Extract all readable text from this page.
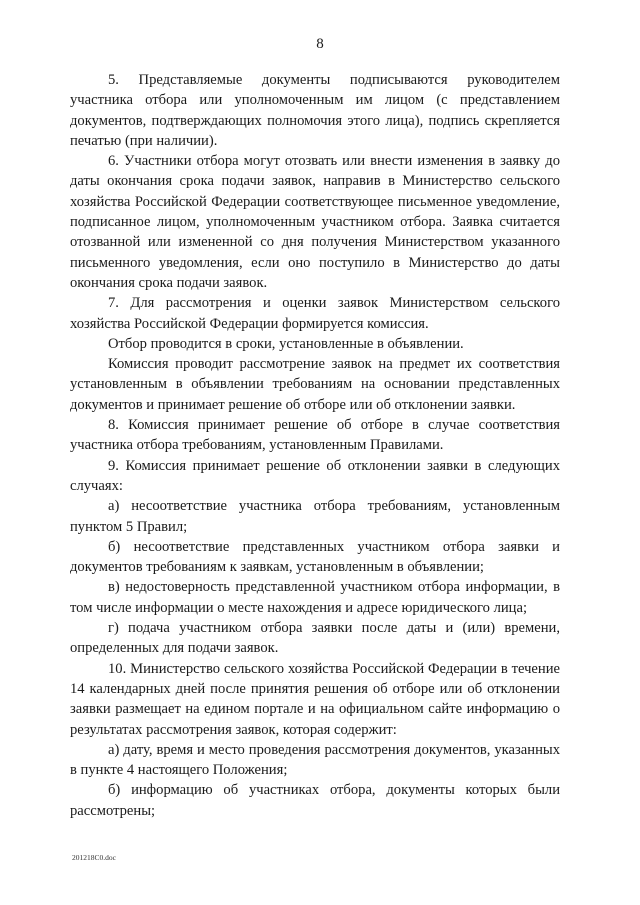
8

5. Представляемые документы подписываются руководителем участника отбора или уполномоченным им лицом (с представлением документов, подтверждающих полномочия этого лица), подпись скрепляется печатью (при наличии).

6. Участники отбора могут отозвать или внести изменения в заявку до даты окончания срока подачи заявок, направив в Министерство сельского хозяйства Российской Федерации соответствующее письменное уведомление, подписанное лицом, уполномоченным участником отбора. Заявка считается отозванной или измененной со дня получения Министерством указанного письменного уведомления, если оно поступило в Министерство до даты окончания срока подачи заявок.

7. Для рассмотрения и оценки заявок Министерством сельского хозяйства Российской Федерации формируется комиссия.

Отбор проводится в сроки, установленные в объявлении.

Комиссия проводит рассмотрение заявок на предмет их соответствия установленным в объявлении требованиям на основании представленных документов и принимает решение об отборе или об отклонении заявки.

8. Комиссия принимает решение об отборе в случае соответствия участника отбора требованиям, установленным Правилами.

9. Комиссия принимает решение об отклонении заявки в следующих случаях:

а) несоответствие участника отбора требованиям, установленным пунктом 5 Правил;

б) несоответствие представленных участником отбора заявки и документов требованиям к заявкам, установленным в объявлении;

в) недостоверность представленной участником отбора информации, в том числе информации о месте нахождения и адресе юридического лица;

г) подача участником отбора заявки после даты и (или) времени, определенных для подачи заявок.

10. Министерство сельского хозяйства Российской Федерации в течение 14 календарных дней после принятия решения об отборе или об отклонении заявки размещает на едином портале и на официальном сайте информацию о результатах рассмотрения заявок, которая содержит:

а) дату, время и место проведения рассмотрения документов, указанных в пункте 4 настоящего Положения;

б) информацию об участниках отбора, документы которых были рассмотрены;

201218C0.doc
